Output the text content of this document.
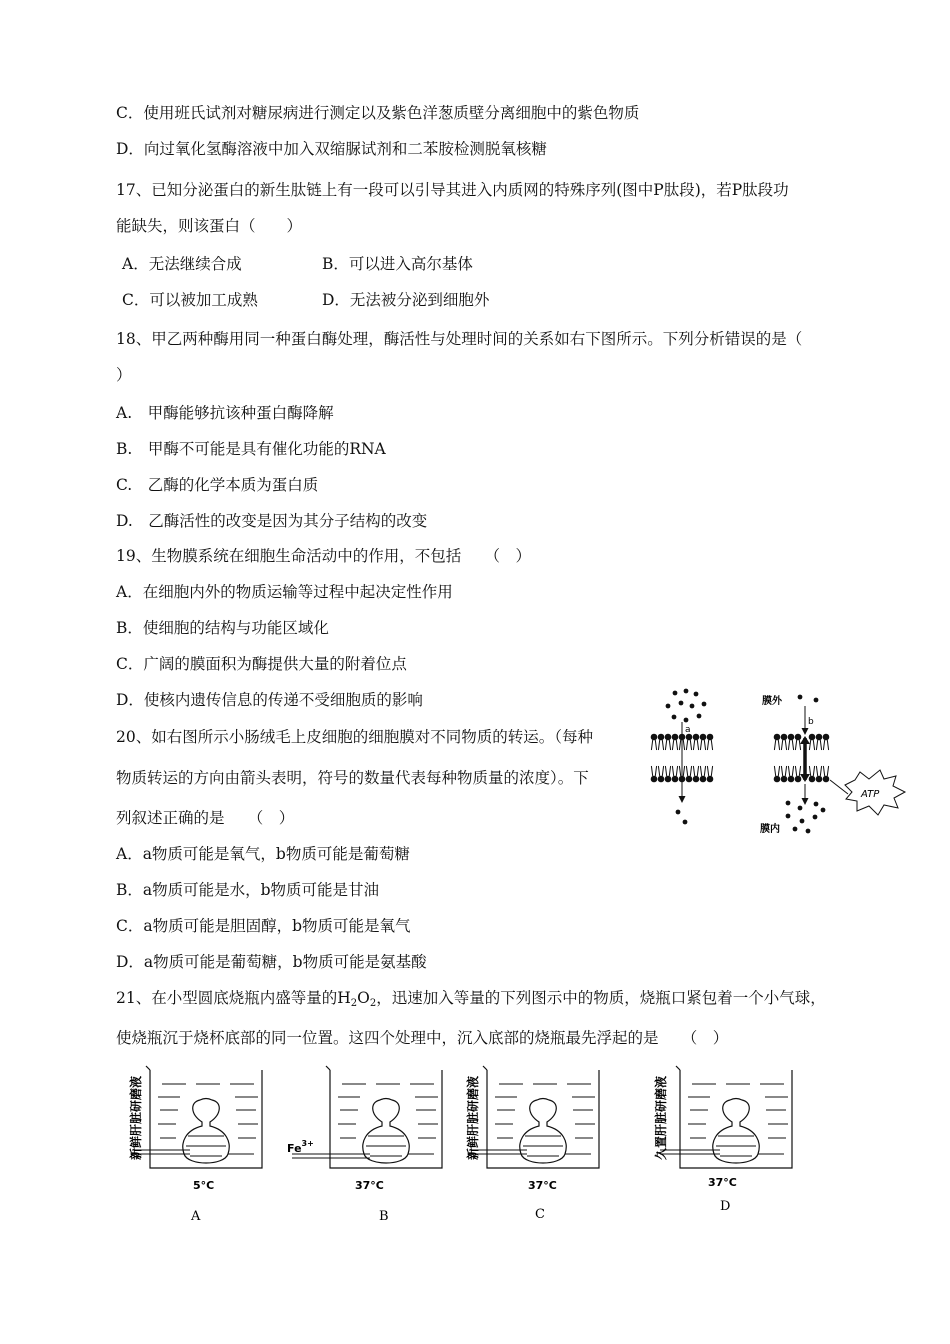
C．使用班氏试剂对糖尿病进行测定以及紫色洋葱质壁分离细胞中的紫色物质
D．向过氧化氢酶溶液中加入双缩脲试剂和二苯胺检测脱氧核糖
17、已知分泌蛋白的新生肽链上有一段可以引导其进入内质网的特殊序列(图中P肽段)，若P肽段功
能缺失，则该蛋白（　　）
A．无法继续合成	B．可以进入高尔基体
C．可以被加工成熟	D．无法被分泌到细胞外
18、甲乙两种酶用同一种蛋白酶处理，酶活性与处理时间的关系如右下图所示。下列分析错误的是（
）
A.　甲酶能够抗该种蛋白酶降解
B.　甲酶不可能是具有催化功能的RNA
C.　乙酶的化学本质为蛋白质
D.　乙酶活性的改变是因为其分子结构的改变
19、生物膜系统在细胞生命活动中的作用，不包括　　（　）
A．在细胞内外的物质运输等过程中起决定性作用
B．使细胞的结构与功能区域化
C．广阔的膜面积为酶提供大量的附着位点
D．使核内遗传信息的传递不受细胞质的影响
20、如右图所示小肠绒毛上皮细胞的细胞膜对不同物质的转运。（每种
物质转运的方向由箭头表明，符号的数量代表每种物质量的浓度）。下
列叙述正确的是　　（　）
A．a物质可能是氧气，b物质可能是葡萄糖
B．a物质可能是水，b物质可能是甘油
C．a物质可能是胆固醇，b物质可能是氧气
D．a物质可能是葡萄糖，b物质可能是氨基酸
a
膜外
b
ATP
膜内
21、在小型圆底烧瓶内盛等量的$H_2O_2$，迅速加入等量的下列图示中的物质，烧瓶口紧包着一个小气球，
使烧瓶沉于烧杯底部的同一位置。这四个处理中，沉入底部的烧瓶最先浮起的是　　（　）
新鲜肝脏研磨液
5°C
A
$Fe^{3+}$
37°C
B
新鲜肝脏研磨液
37°C
C
久置肝脏研磨液
37°C
D
